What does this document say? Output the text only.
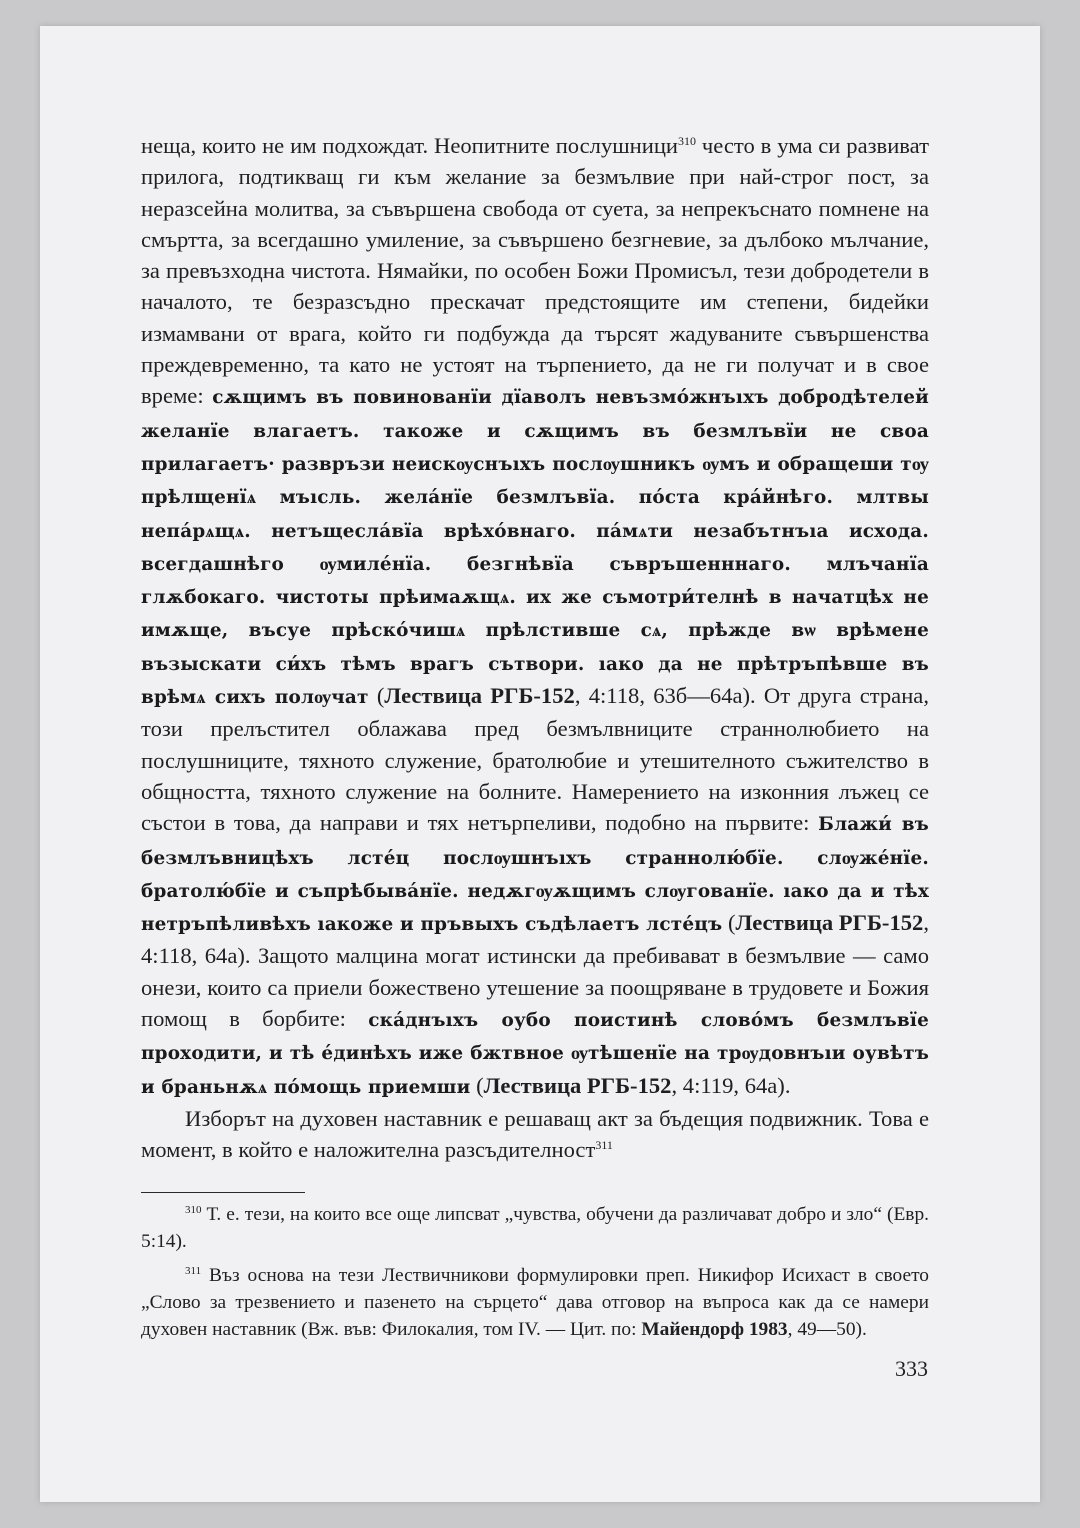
неща, които не им подхождат. Неопитните послушници$^{310}$ често в ума си развиват прилога, подтикващ ги към желание за безмълвие при най-строг пост, за неразсейна молитва, за съвършена свобода от суета, за непрекъснато помнене на смъртта, за всегдашно умиление, за съвършено безгневие, за дълбоко мълчание, за превъзходна чистота. Нямайки, по особен Божи Промисъл, тези добродетели в началото, те безразсъдно прескачат предстоящите им степени, бидейки измамвани от врага, който ги подбужда да търсят жадуваните съвършенства преждевременно, та като не устоят на търпението, да не ги получат и в свое време: сѫщимъ въ повинованїи дїаволъ невъзмо́жнъıхъ добродѣтелей желанїе влагаетъ. такоже и сѫщимъ въ безмлъвїи не своа прилагаетъ· развръзи неискѹснъıхъ послѹшникъ ѹмъ и обращеши тѹ прѣлщенїѧ мъıсль. жела́нїе безмлъвїа. по́ста кра́йнѣго. млтвы непа́рѧщѧ. нетъщесла́вїа врѣхо́внаго. па́мѧти незабътнъıа исхода. всегдашнѣго ѹмиле́нїа. безгнѣвїа съвръшенннаго. млъчанїа глѫбокаго. чистоты прѣимаѫщѧ. их же съмотри́телнѣ в начатцѣх не имѫще, въсуе прѣско́чишѧ прѣлстивше сѧ, прѣжде вѡ врѣмене възыскати си́хъ тѣмъ врагъ сътвори. ıако да не прѣтръпѣвше въ врѣмѧ сихъ полѹчат (Лествица РГБ-152, 4:118, 63б—64а). От друга страна, този прелъстител облажава пред безмълвниците страннолюбието на послушниците, тяхното служение, братолюбие и утешителното съжителство в общността, тяхното служение на болните. Намерението на изконния лъжец се състои в това, да направи и тях нетърпеливи, подобно на първите: Блажи́ въ безмлъвницѣхъ лсте́ц послѹшнъıхъ страннолю́бїе. слѹже́нїе. братолю́бїе и съпрѣбыва́нїе. недѫгѹѫщимъ слѹгованїе. ıако да и тѣх нетръпѣливѣхъ ıакоже и пръвыхъ съдѣлаетъ лсте́цъ (Лествица РГБ-152, 4:118, 64а). Защото малцина могат истински да пребивават в безмълвие — само онези, които са приели божествено утешение за поощряване в трудовете и Божия помощ в борбите: ска́днъıхъ оубо поистинѣ слово́мъ безмлъвїе проходити, и тѣ е́динѣхъ иже бжтвное ѹтѣшенїе на трѹдовнъıи оувѣтъ и браньнѫѧ по́мощь приемши (Лествица РГБ-152, 4:119, 64а).

Изборът на духовен наставник е решаващ акт за бъдещия подвижник. Това е момент, в който е наложителна разсъдителност$^{311}$

$^{310}$ Т. е. тези, на които все още липсват „чувства, обучени да различават добро и зло“ (Евр. 5:14).

$^{311}$ Въз основа на тези Лествичникови формулировки преп. Никифор Исихаст в своето „Слово за трезвението и пазенето на сърцето“ дава отговор на въпроса как да се намери духовен наставник (Вж. във: Филокалия, том IV. — Цит. по: Майендорф 1983, 49—50).

333
